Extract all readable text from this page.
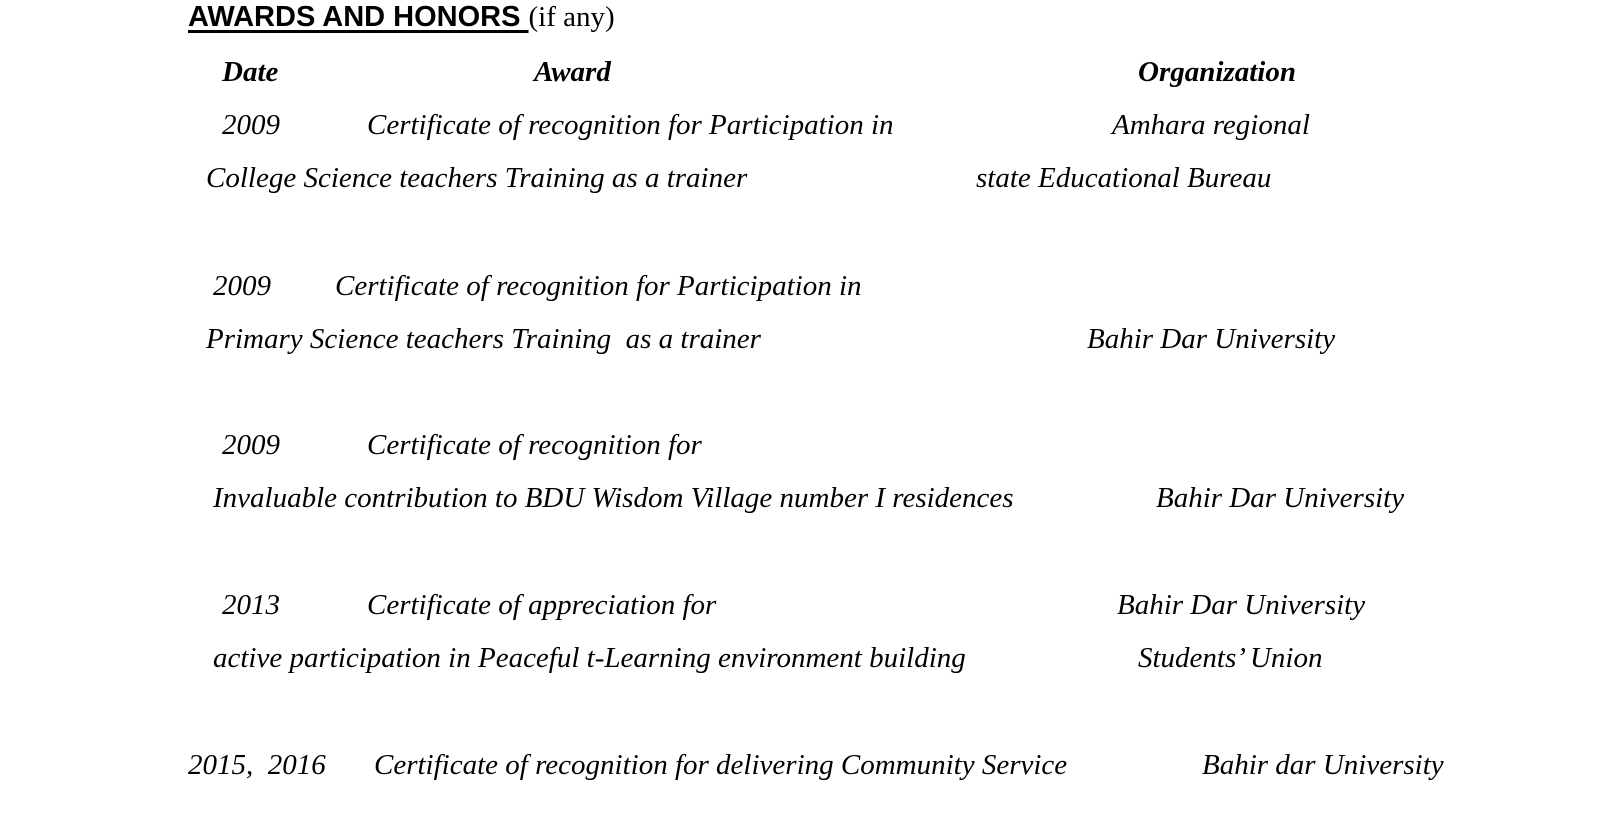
AWARDS AND HONORS (if any)
Date	Award	Organization
2009	Certificate of recognition for Participation in	Amhara regional
College Science teachers Training as a trainer	state Educational Bureau
2009 Certificate of recognition for Participation in
Primary Science teachers Training  as a trainer	Bahir Dar University
2009	Certificate of recognition for
Invaluable contribution to BDU Wisdom Village number I residences	Bahir Dar University
2013	Certificate of appreciation for	Bahir Dar University
active participation in Peaceful t-Learning environment building	Students’ Union
2015,  2016 Certificate of recognition for delivering Community Service	Bahir dar University
